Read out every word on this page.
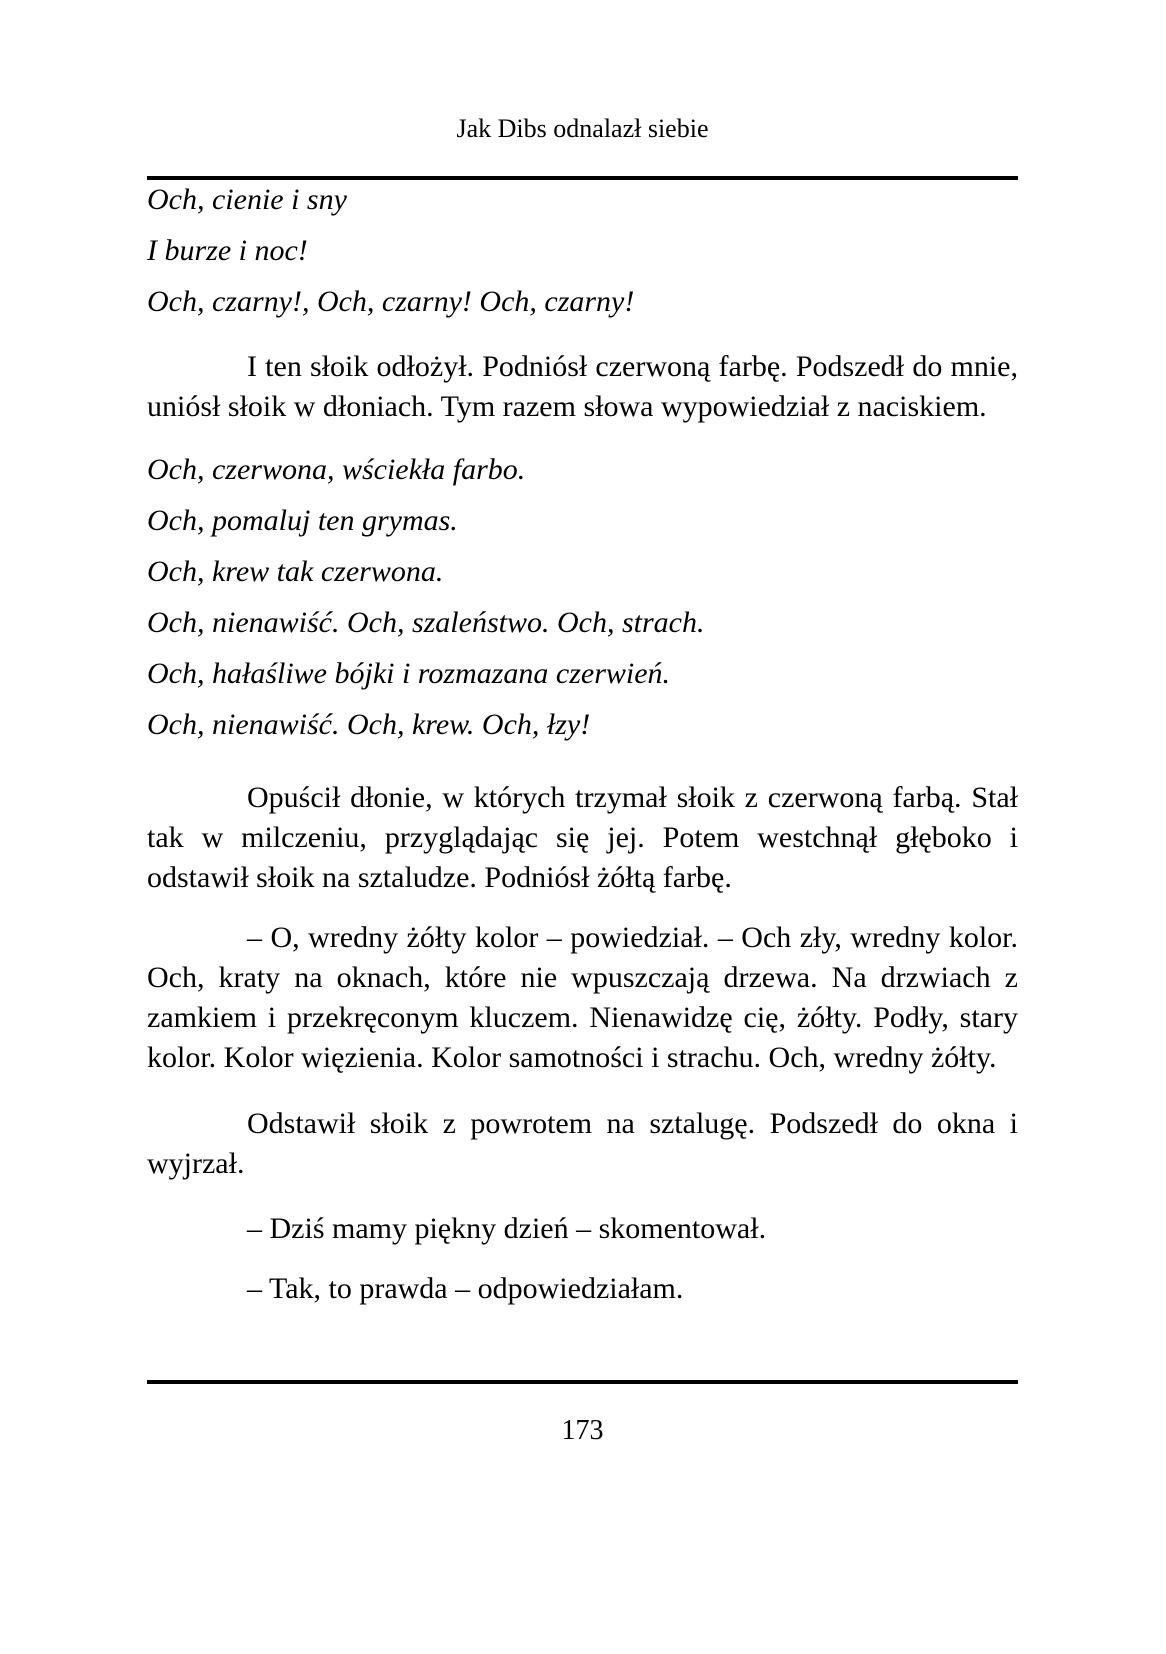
Jak Dibs odnalazł siebie
Och, cienie i sny
I burze i noc!
Och, czarny!, Och, czarny! Och, czarny!

I ten słoik odłożył. Podniósł czerwoną farbę. Podszedł do mnie, uniósł słoik w dłoniach. Tym razem słowa wypowiedział z naciskiem.

Och, czerwona, wściekła farbo.
Och, pomaluj ten grymas.
Och, krew tak czerwona.
Och, nienawiść. Och, szaleństwo. Och, strach.
Och, hałaśliwe bójki i rozmazana czerwień.
Och, nienawiść. Och, krew. Och, łzy!

Opuścił dłonie, w których trzymał słoik z czerwoną farbą. Stał tak w milczeniu, przyglądając się jej. Potem westchnął głęboko i odstawił słoik na sztaludze. Podniósł żółtą farbę.

– O, wredny żółty kolor – powiedział. – Och zły, wredny kolor. Och, kraty na oknach, które nie wpuszczają drzewa. Na drzwiach z zamkiem i przekręconym kluczem. Nienawidzę cię, żółty. Podły, stary kolor. Kolor więzienia. Kolor samotności i strachu. Och, wredny żółty.

Odstawił słoik z powrotem na sztalugę. Podszedł do okna i wyjrzał.

– Dziś mamy piękny dzień – skomentował.

– Tak, to prawda – odpowiedziałam.

173
